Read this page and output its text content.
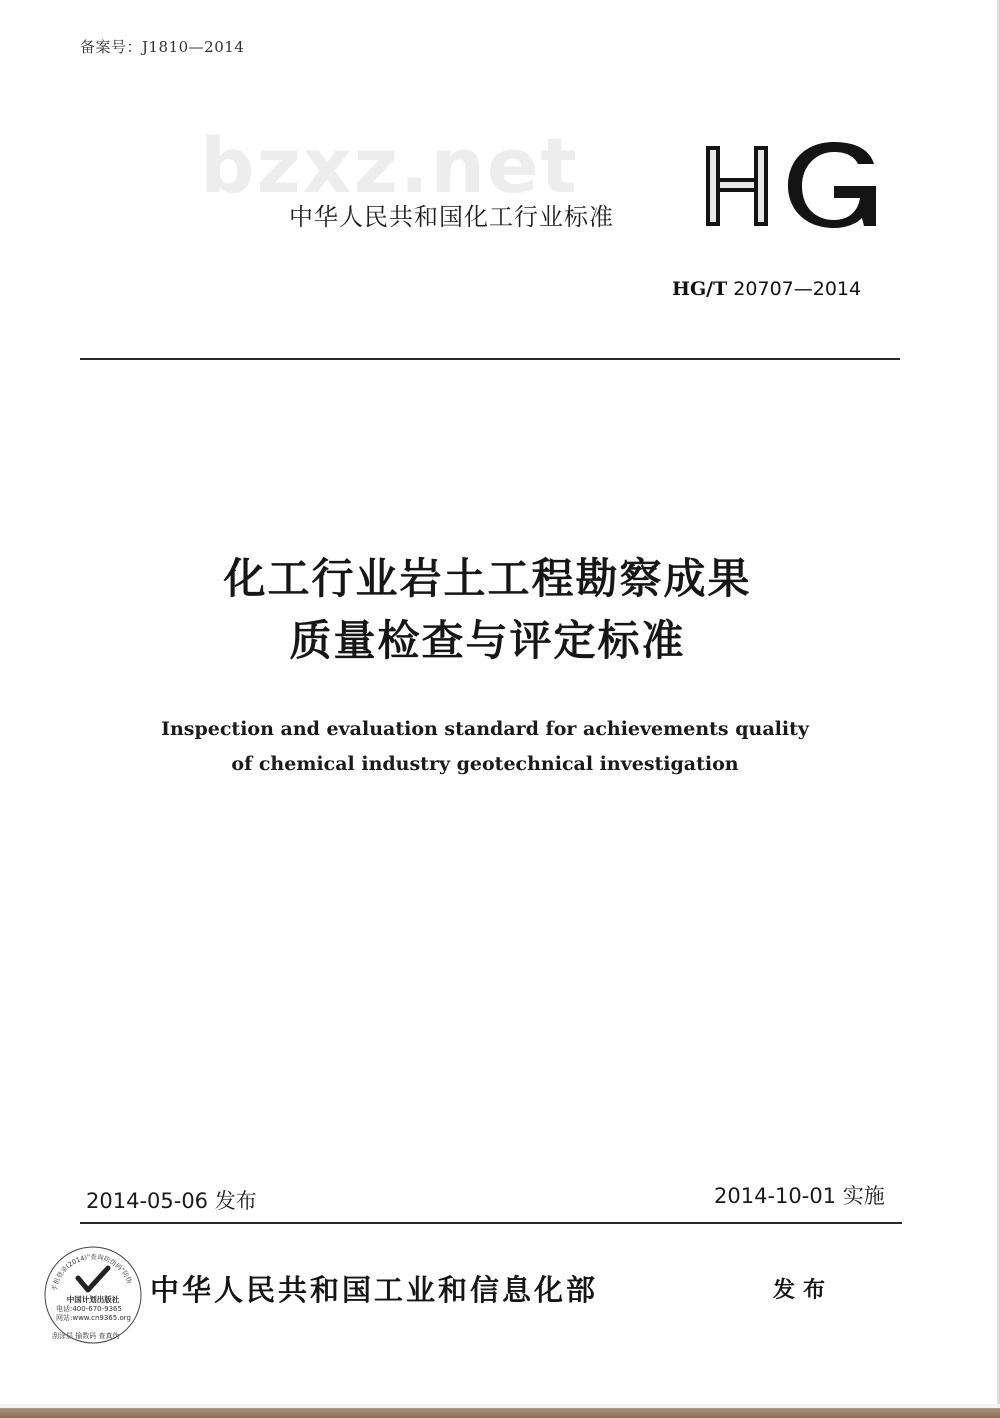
备案号：J1810—2014
bzxz.net
中华人民共和国化工行业标准
HG/T 20707—2014
化工行业岩土工程勘察成果
质量检查与评定标准
Inspection and evaluation standard for achievements quality
of chemical industry geotechnical investigation
2014-05-06 发布	2014-10-01 实施
手机登录(2014)"查询防伪码"防伪
中国计划出版社
电话:400-670-9365
网站:www.cn9365.org
刮涂层 输数码 查真伪
中华人民共和国工业和信息化部	发布
